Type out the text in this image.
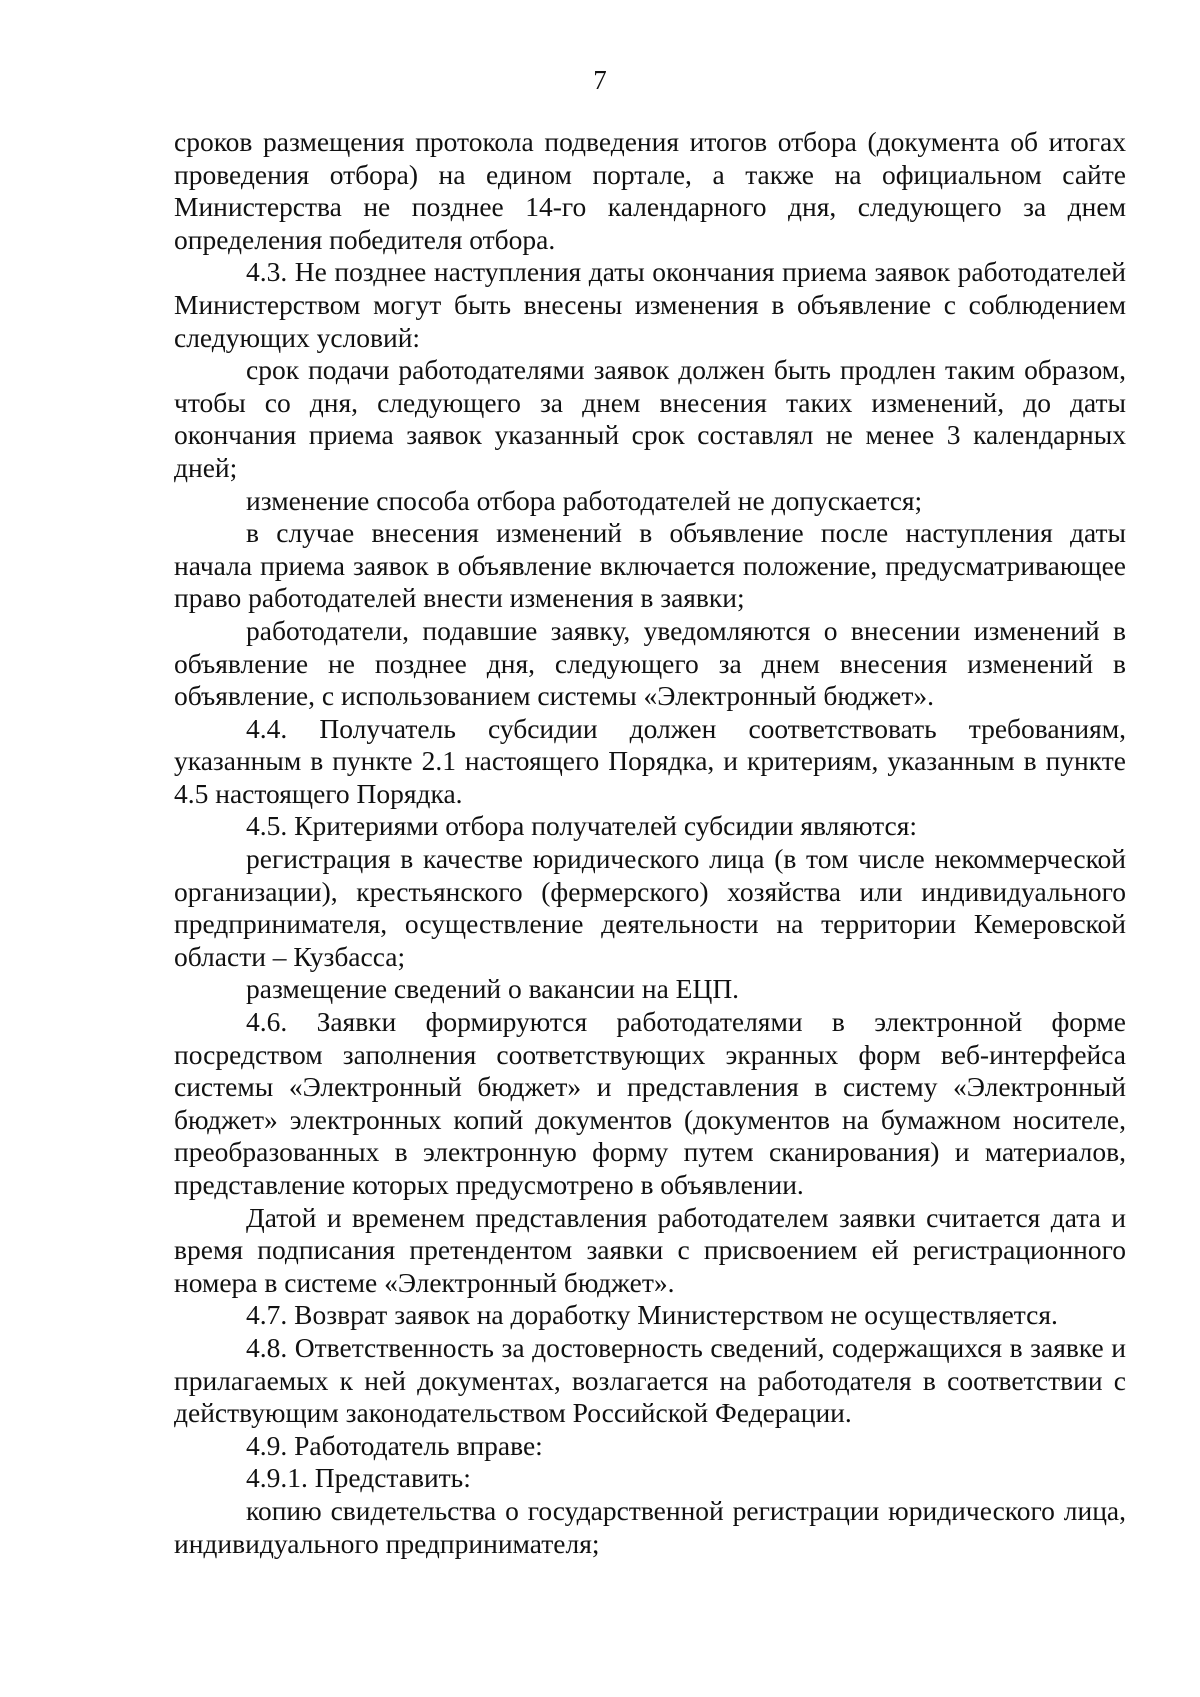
7

сроков размещения протокола подведения итогов отбора (документа об итогах проведения отбора) на едином портале, а также на официальном сайте Министерства не позднее 14-го календарного дня, следующего за днем определения победителя отбора.

4.3. Не позднее наступления даты окончания приема заявок работодателей Министерством могут быть внесены изменения в объявление с соблюдением следующих условий:

срок подачи работодателями заявок должен быть продлен таким образом, чтобы со дня, следующего за днем внесения таких изменений, до даты окончания приема заявок указанный срок составлял не менее 3 календарных дней;

изменение способа отбора работодателей не допускается;

в случае внесения изменений в объявление после наступления даты начала приема заявок в объявление включается положение, предусматривающее право работодателей внести изменения в заявки;

работодатели, подавшие заявку, уведомляются о внесении изменений в объявление не позднее дня, следующего за днем внесения изменений в объявление, с использованием системы «Электронный бюджет».

4.4. Получатель субсидии должен соответствовать требованиям, указанным в пункте 2.1 настоящего Порядка, и критериям, указанным в пункте 4.5 настоящего Порядка.

4.5. Критериями отбора получателей субсидии являются:

регистрация в качестве юридического лица (в том числе некоммерческой организации), крестьянского (фермерского) хозяйства или индивидуального предпринимателя, осуществление деятельности на территории Кемеровской области – Кузбасса;

размещение сведений о вакансии на ЕЦП.

4.6. Заявки формируются работодателями в электронной форме посредством заполнения соответствующих экранных форм веб-интерфейса системы «Электронный бюджет» и представления в систему «Электронный бюджет» электронных копий документов (документов на бумажном носителе, преобразованных в электронную форму путем сканирования) и материалов, представление которых предусмотрено в объявлении.

Датой и временем представления работодателем заявки считается дата и время подписания претендентом заявки с присвоением ей регистрационного номера в системе «Электронный бюджет».

4.7. Возврат заявок на доработку Министерством не осуществляется.

4.8. Ответственность за достоверность сведений, содержащихся в заявке и прилагаемых к ней документах, возлагается на работодателя в соответствии с действующим законодательством Российской Федерации.

4.9. Работодатель вправе:

4.9.1. Представить:

копию свидетельства о государственной регистрации юридического лица, индивидуального предпринимателя;
